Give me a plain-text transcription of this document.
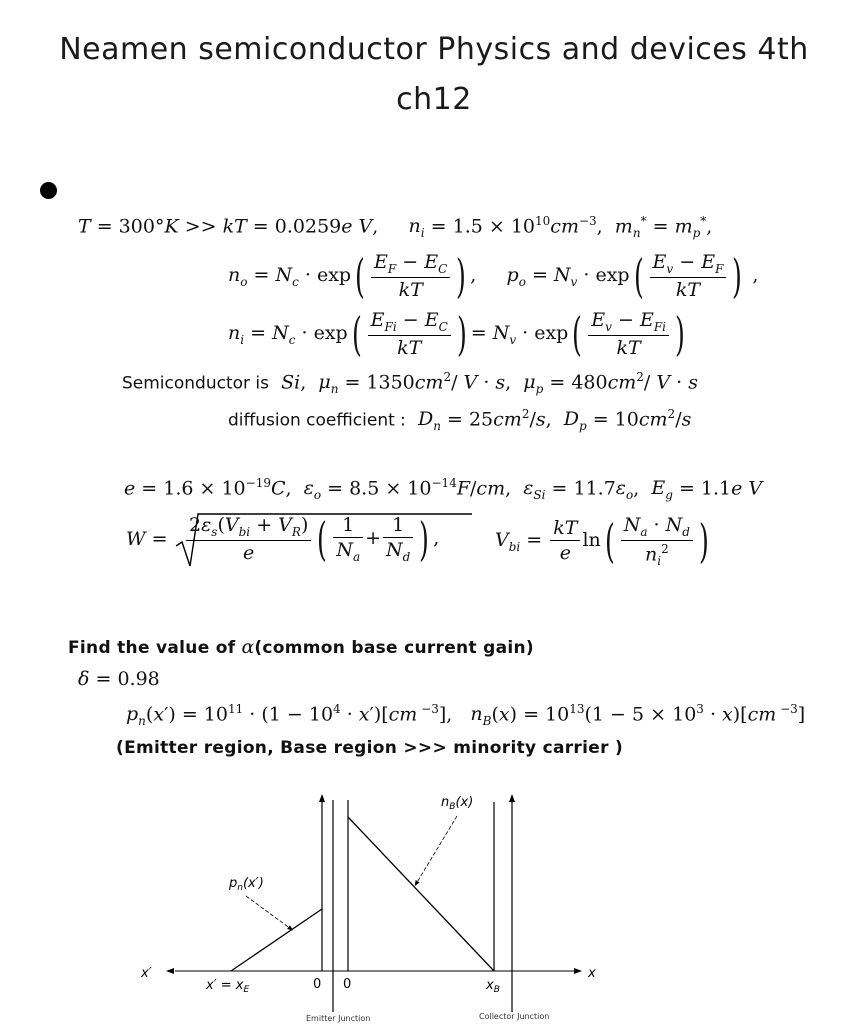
Neamen semiconductor Physics and devices 4th
ch12
T = 300°K >> kT = 0.0259e V,     $n_i = 1.5 \times 10^{10}cm^{-3}$,  $m_n^* = m_p^*$,
$n_o = N_c \cdot \exp( \frac{E_F - E_C}{kT}$ ) ,     $p_o = N_v \cdot \exp( \frac{E_v - E_F}{kT}$ ) ,
$n_i = N_c \cdot \exp( \frac{E_{Fi} - E_C}{kT}$ ) = $N_v \cdot \exp( \frac{E_v - E_{Fi}}{kT}$ )
Semiconductor is Si,  $\mu_n = 1350cm^2/$ V · s,  $\mu_p = 480cm^2/$ V · s
diffusion coefficient : $D_n = 25cm^2/s$,  $D_p = 10cm^2/s$
$e = 1.6 \times 10^{-19}C$,  $\varepsilon_o = 8.5 \times 10^{-14}F/cm$,  $\varepsilon_{Si} = 11.7\varepsilon_o$,  $E_g = 1.1e$ V
$W = \frac{2\varepsilon_s(V_{bi} + V_R)}{e}$ ( $\frac{1}{N_a} + \frac{1}{N_d}$ ) ,	$V_{bi} = \frac{kT}{e} \ln( \frac{N_a \cdot N_d}{n_i^2}$ )
Find the value of α(common base current gain)
δ = 0.98
$p_n(x') = 10^{11} \cdot (1 - 10^4 \cdot x')[cm$ $^{-3}$],   $n_B(x) = 10^{13}(1 - 5 \times 10^3 \cdot x)[cm$ $^{-3}$]
(Emitter region, Base region >>> minority carrier )
$p_n(x')$
$n_B(x)$
x′	x
$x' = x_E$	0 0	$x_B$
Emitter Junction	Collector Junction
